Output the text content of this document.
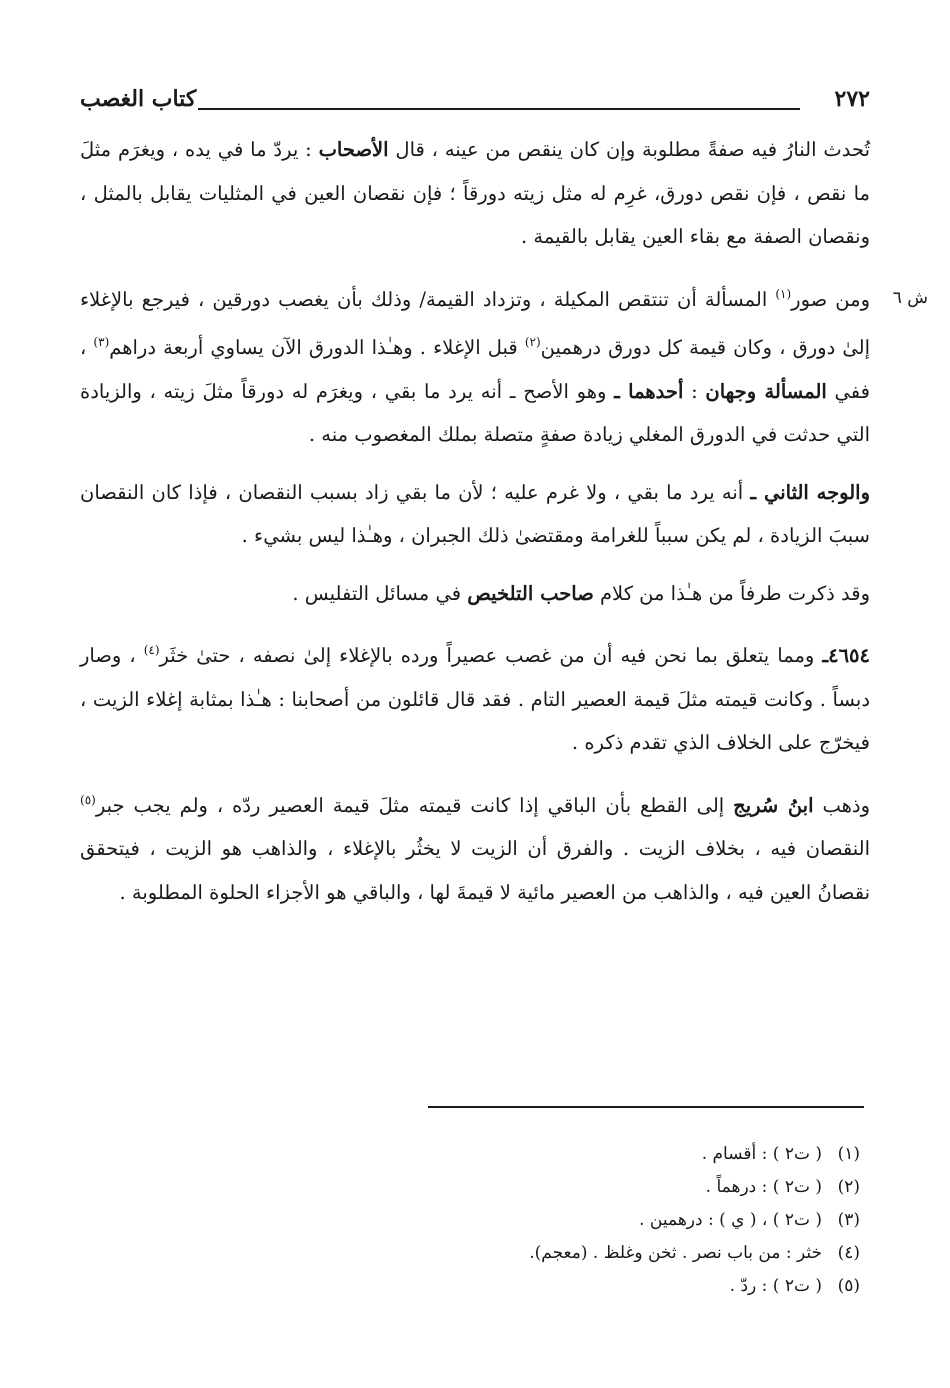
٢٧٢
كتاب الغصب
ش ٦

تُحدث النارُ فيه صفةً مطلوبة وإن كان ينقص من عينه ، قال الأصحاب : يردّ ما في يده ، ويغرَم مثلَ ما نقص ، فإن نقص دورق، غرِم له مثل زيته دورقاً ؛ فإن نقصان العين في المثليات يقابل بالمثل ، ونقصان الصفة مع بقاء العين يقابل بالقيمة .

ومن صور$^{(١)}$ المسألة أن تنتقص المكيلة ، وتزداد القيمة/ وذلك بأن يغصب دورقين ، فيرجع بالإغلاء إلىٰ دورق ، وكان قيمة كل دورق درهمين$^{(٢)}$ قبل الإغلاء . وهـٰذا الدورق الآن يساوي أربعة دراهم$^{(٣)}$ ، ففي المسألة وجهان : أحدهما ـ وهو الأصح ـ أنه يرد ما بقي ، ويغرَم له دورقاً مثلَ زيته ، والزيادة التي حدثت في الدورق المغلي زيادة صفةٍ متصلة بملك المغصوب منه .

والوجه الثاني ـ أنه يرد ما بقي ، ولا غرم عليه ؛ لأن ما بقي زاد بسبب النقصان ، فإذا كان النقصان سببَ الزيادة ، لم يكن سبباً للغرامة ومقتضىٰ ذلك الجبران ، وهـٰذا ليس بشيء .

وقد ذكرت طرفاً من هـٰذا من كلام صاحب التلخيص في مسائل التفليس .

٤٦٥٤ـ ومما يتعلق بما نحن فيه أن من غصب عصيراً ورده بالإغلاء إلىٰ نصفه ، حتىٰ خثَر$^{(٤)}$ ، وصار دبساً . وكانت قيمته مثلَ قيمة العصير التام . فقد قال قائلون من أصحابنا : هـٰذا بمثابة إغلاء الزيت ، فيخرّج على الخلاف الذي تقدم ذكره .

وذهب ابنُ سُريج إلى القطع بأن الباقي إذا كانت قيمته مثلَ قيمة العصير ردّه ، ولم يجب جبر$^{(٥)}$ النقصان فيه ، بخلاف الزيت . والفرق أن الزيت لا يخثُر بالإغلاء ، والذاهب هو الزيت ، فيتحقق نقصانُ العين فيه ، والذاهب من العصير مائية لا قيمةَ لها ، والباقي هو الأجزاء الحلوة المطلوبة .

(١)( ت٢ ) : أقسام .
(٢)( ت٢ ) : درهماً .
(٣)( ت٢ ) ، ( ي ) : درهمين .
(٤)خثر : من باب نصر . ثخن وغلظ . (معجم).
(٥)( ت٢ ) : ردّ .
